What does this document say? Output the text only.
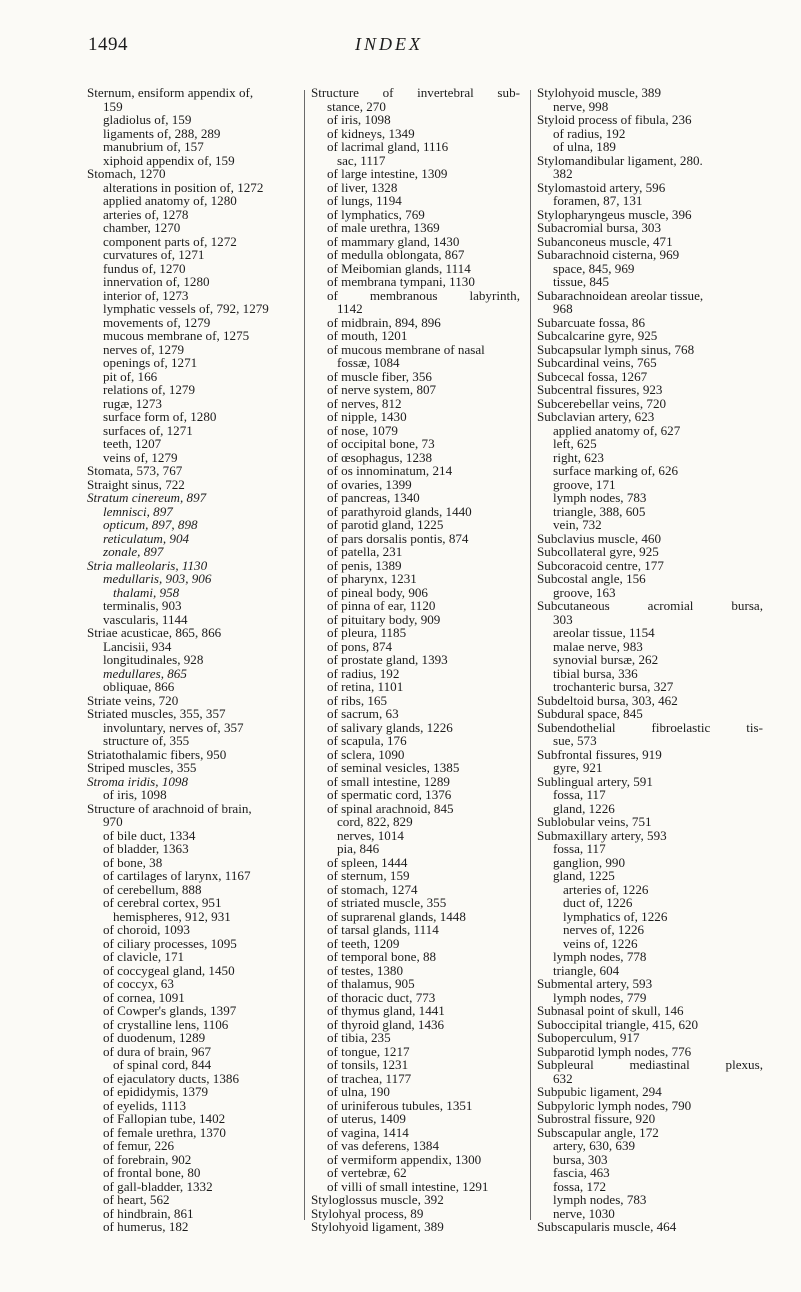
1494	INDEX
Sternum, ensiform appendix of,
159
gladiolus of, 159
ligaments of, 288, 289
manubrium of, 157
xiphoid appendix of, 159
Stomach, 1270
alterations in position of, 1272
applied anatomy of, 1280
arteries of, 1278
chamber, 1270
component parts of, 1272
curvatures of, 1271
fundus of, 1270
innervation of, 1280
interior of, 1273
lymphatic vessels of, 792, 1279
movements of, 1279
mucous membrane of, 1275
nerves of, 1279
openings of, 1271
pit of, 166
relations of, 1279
rugæ, 1273
surface form of, 1280
surfaces of, 1271
teeth, 1207
veins of, 1279
Stomata, 573, 767
Straight sinus, 722
Stratum cinereum, 897
lemnisci, 897
opticum, 897, 898
reticulatum, 904
zonale, 897
Stria malleolaris, 1130
medullaris, 903, 906
thalami, 958
terminalis, 903
vascularis, 1144
Striae acusticae, 865, 866
Lancisii, 934
longitudinales, 928
medullares, 865
obliquae, 866
Striate veins, 720
Striated muscles, 355, 357
involuntary, nerves of, 357
structure of, 355
Striatothalamic fibers, 950
Striped muscles, 355
Stroma iridis, 1098
of iris, 1098
Structure of arachnoid of brain,
970
of bile duct, 1334
of bladder, 1363
of bone, 38
of cartilages of larynx, 1167
of cerebellum, 888
of cerebral cortex, 951
hemispheres, 912, 931
of choroid, 1093
of ciliary processes, 1095
of clavicle, 171
of coccygeal gland, 1450
of coccyx, 63
of cornea, 1091
of Cowper's glands, 1397
of crystalline lens, 1106
of duodenum, 1289
of dura of brain, 967
of spinal cord, 844
of ejaculatory ducts, 1386
of epididymis, 1379
of eyelids, 1113
of Fallopian tube, 1402
of female urethra, 1370
of femur, 226
of forebrain, 902
of frontal bone, 80
of gall-bladder, 1332
of heart, 562
of hindbrain, 861
of humerus, 182
Structure of invertebral sub-
stance, 270
of iris, 1098
of kidneys, 1349
of lacrimal gland, 1116
sac, 1117
of large intestine, 1309
of liver, 1328
of lungs, 1194
of lymphatics, 769
of male urethra, 1369
of mammary gland, 1430
of medulla oblongata, 867
of Meibomian glands, 1114
of membrana tympani, 1130
of membranous labyrinth,
1142
of midbrain, 894, 896
of mouth, 1201
of mucous membrane of nasal
fossæ, 1084
of muscle fiber, 356
of nerve system, 807
of nerves, 812
of nipple, 1430
of nose, 1079
of occipital bone, 73
of œsophagus, 1238
of os innominatum, 214
of ovaries, 1399
of pancreas, 1340
of parathyroid glands, 1440
of parotid gland, 1225
of pars dorsalis pontis, 874
of patella, 231
of penis, 1389
of pharynx, 1231
of pineal body, 906
of pinna of ear, 1120
of pituitary body, 909
of pleura, 1185
of pons, 874
of prostate gland, 1393
of radius, 192
of retina, 1101
of ribs, 165
of sacrum, 63
of salivary glands, 1226
of scapula, 176
of sclera, 1090
of seminal vesicles, 1385
of small intestine, 1289
of spermatic cord, 1376
of spinal arachnoid, 845
cord, 822, 829
nerves, 1014
pia, 846
of spleen, 1444
of sternum, 159
of stomach, 1274
of striated muscle, 355
of suprarenal glands, 1448
of tarsal glands, 1114
of teeth, 1209
of temporal bone, 88
of testes, 1380
of thalamus, 905
of thoracic duct, 773
of thymus gland, 1441
of thyroid gland, 1436
of tibia, 235
of tongue, 1217
of tonsils, 1231
of trachea, 1177
of ulna, 190
of uriniferous tubules, 1351
of uterus, 1409
of vagina, 1414
of vas deferens, 1384
of vermiform appendix, 1300
of vertebræ, 62
of villi of small intestine, 1291
Styloglossus muscle, 392
Stylohyal process, 89
Stylohyoid ligament, 389
Stylohyoid muscle, 389
nerve, 998
Styloid process of fibula, 236
of radius, 192
of ulna, 189
Stylomandibular ligament, 280.
382
Stylomastoid artery, 596
foramen, 87, 131
Stylopharyngeus muscle, 396
Subacromial bursa, 303
Subanconeus muscle, 471
Subarachnoid cisterna, 969
space, 845, 969
tissue, 845
Subarachnoidean areolar tissue,
968
Subarcuate fossa, 86
Subcalcarine gyre, 925
Subcapsular lymph sinus, 768
Subcardinal veins, 765
Subcecal fossa, 1267
Subcentral fissures, 923
Subcerebellar veins, 720
Subclavian artery, 623
applied anatomy of, 627
left, 625
right, 623
surface marking of, 626
groove, 171
lymph nodes, 783
triangle, 388, 605
vein, 732
Subclavius muscle, 460
Subcollateral gyre, 925
Subcoracoid centre, 177
Subcostal angle, 156
groove, 163
Subcutaneous	acromial	bursa,
303
areolar tissue, 1154
malae nerve, 983
synovial bursæ, 262
tibial bursa, 336
trochanteric bursa, 327
Subdeltoid bursa, 303, 462
Subdural space, 845
Subendothelial	fibroelastic	tis-
sue, 573
Subfrontal fissures, 919
gyre, 921
Sublingual artery, 591
fossa, 117
gland, 1226
Sublobular veins, 751
Submaxillary artery, 593
fossa, 117
ganglion, 990
gland, 1225
arteries of, 1226
duct of, 1226
lymphatics of, 1226
nerves of, 1226
veins of, 1226
lymph nodes, 778
triangle, 604
Submental artery, 593
lymph nodes, 779
Subnasal point of skull, 146
Suboccipital triangle, 415, 620
Suboperculum, 917
Subparotid lymph nodes, 776
Subpleural	mediastinal	plexus,
632
Subpubic ligament, 294
Subpyloric lymph nodes, 790
Subrostral fissure, 920
Subscapular angle, 172
artery, 630, 639
bursa, 303
fascia, 463
fossa, 172
lymph nodes, 783
nerve, 1030
Subscapularis muscle, 464
